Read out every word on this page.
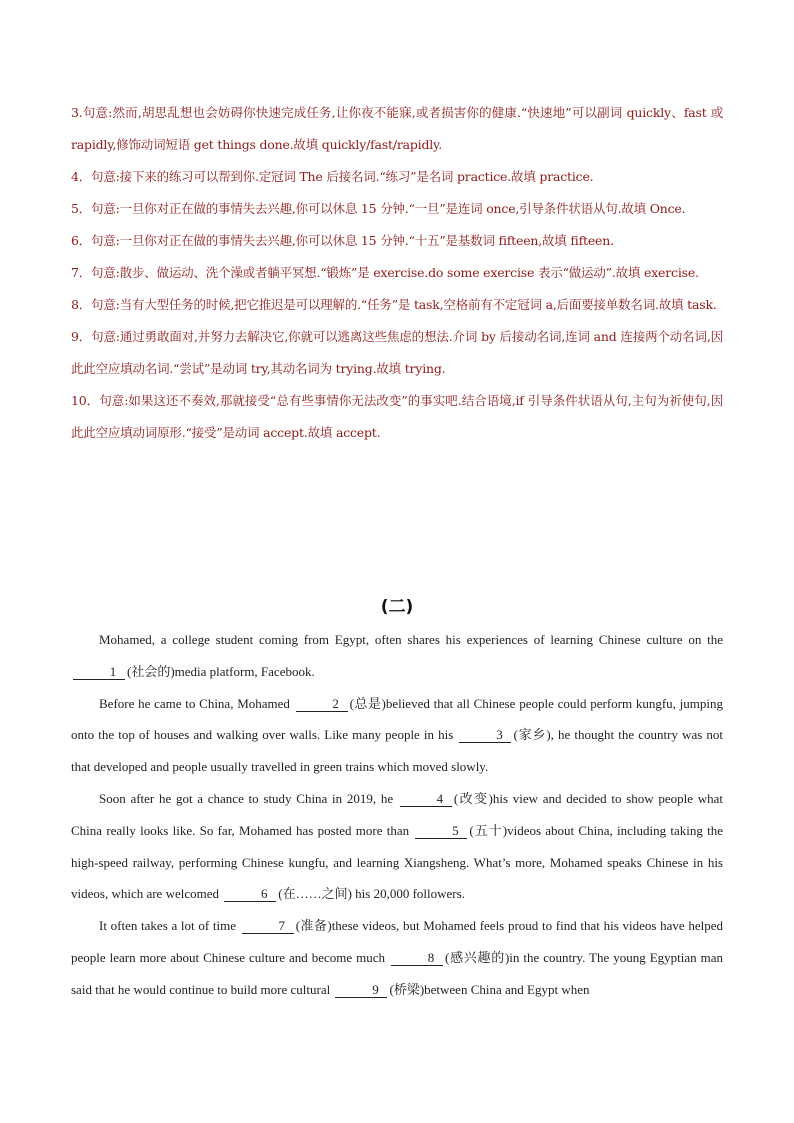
3.句意:然而,胡思乱想也会妨碍你快速完成任务,让你夜不能寐,或者损害你的健康.“快速地”可以副词 quickly、fast 或 rapidly,修饰动词短语 get things done.故填 quickly/fast/rapidly.

4．句意:接下来的练习可以帮到你.定冠词 The 后接名词.“练习”是名词 practice.故填 practice.

5．句意:一旦你对正在做的事情失去兴趣,你可以休息 15 分钟.“一旦”是连词 once,引导条件状语从句.故填 Once.

6．句意:一旦你对正在做的事情失去兴趣,你可以休息 15 分钟.“十五”是基数词 fifteen,故填 fifteen.

7．句意:散步、做运动、洗个澡或者躺平冥想.“锻炼”是 exercise.do some exercise 表示“做运动”.故填 exercise.

8．句意:当有大型任务的时候,把它推迟是可以理解的.“任务”是 task,空格前有不定冠词 a,后面要接单数名词.故填 task.

9．句意:通过勇敢面对,并努力去解决它,你就可以逃离这些焦虑的想法.介词 by 后接动名词,连词 and 连接两个动名词,因此此空应填动名词.“尝试”是动词 try,其动名词为 trying.故填 trying.

10．句意:如果这还不奏效,那就接受“总有些事情你无法改变”的事实吧.结合语境,if 引导条件状语从句,主句为祈使句,因此此空应填动词原形.“接受”是动词 accept.故填 accept.

(二)

Mohamed, a college student coming from Egypt, often shares his experiences of learning Chinese culture on the 1 (社会的)media platform, Facebook.

Before he came to China, Mohamed	2 (总是)believed that all Chinese people could perform kungfu, jumping onto the top of houses and walking over walls. Like many people in his	3 (家乡), he thought the country was not that developed and people usually travelled in green trains which moved slowly.

Soon after he got a chance to study China in 2019, he	4 (改变)his view and decided to show people what China really looks like. So far, Mohamed has posted more than	5 (五十)videos about China, including taking the high-speed railway, performing Chinese kungfu, and learning Xiangsheng. What’s more, Mohamed speaks Chinese in his videos, which are welcomed	6 (在……之间) his 20,000 followers.

It often takes a lot of time	7 (准备)these videos, but Mohamed feels proud to find that his videos have helped people learn more about Chinese culture and become much	8 (感兴趣的)in the country. The young Egyptian man said that he would continue to build more cultural	9 (桥梁)between China and Egypt when
